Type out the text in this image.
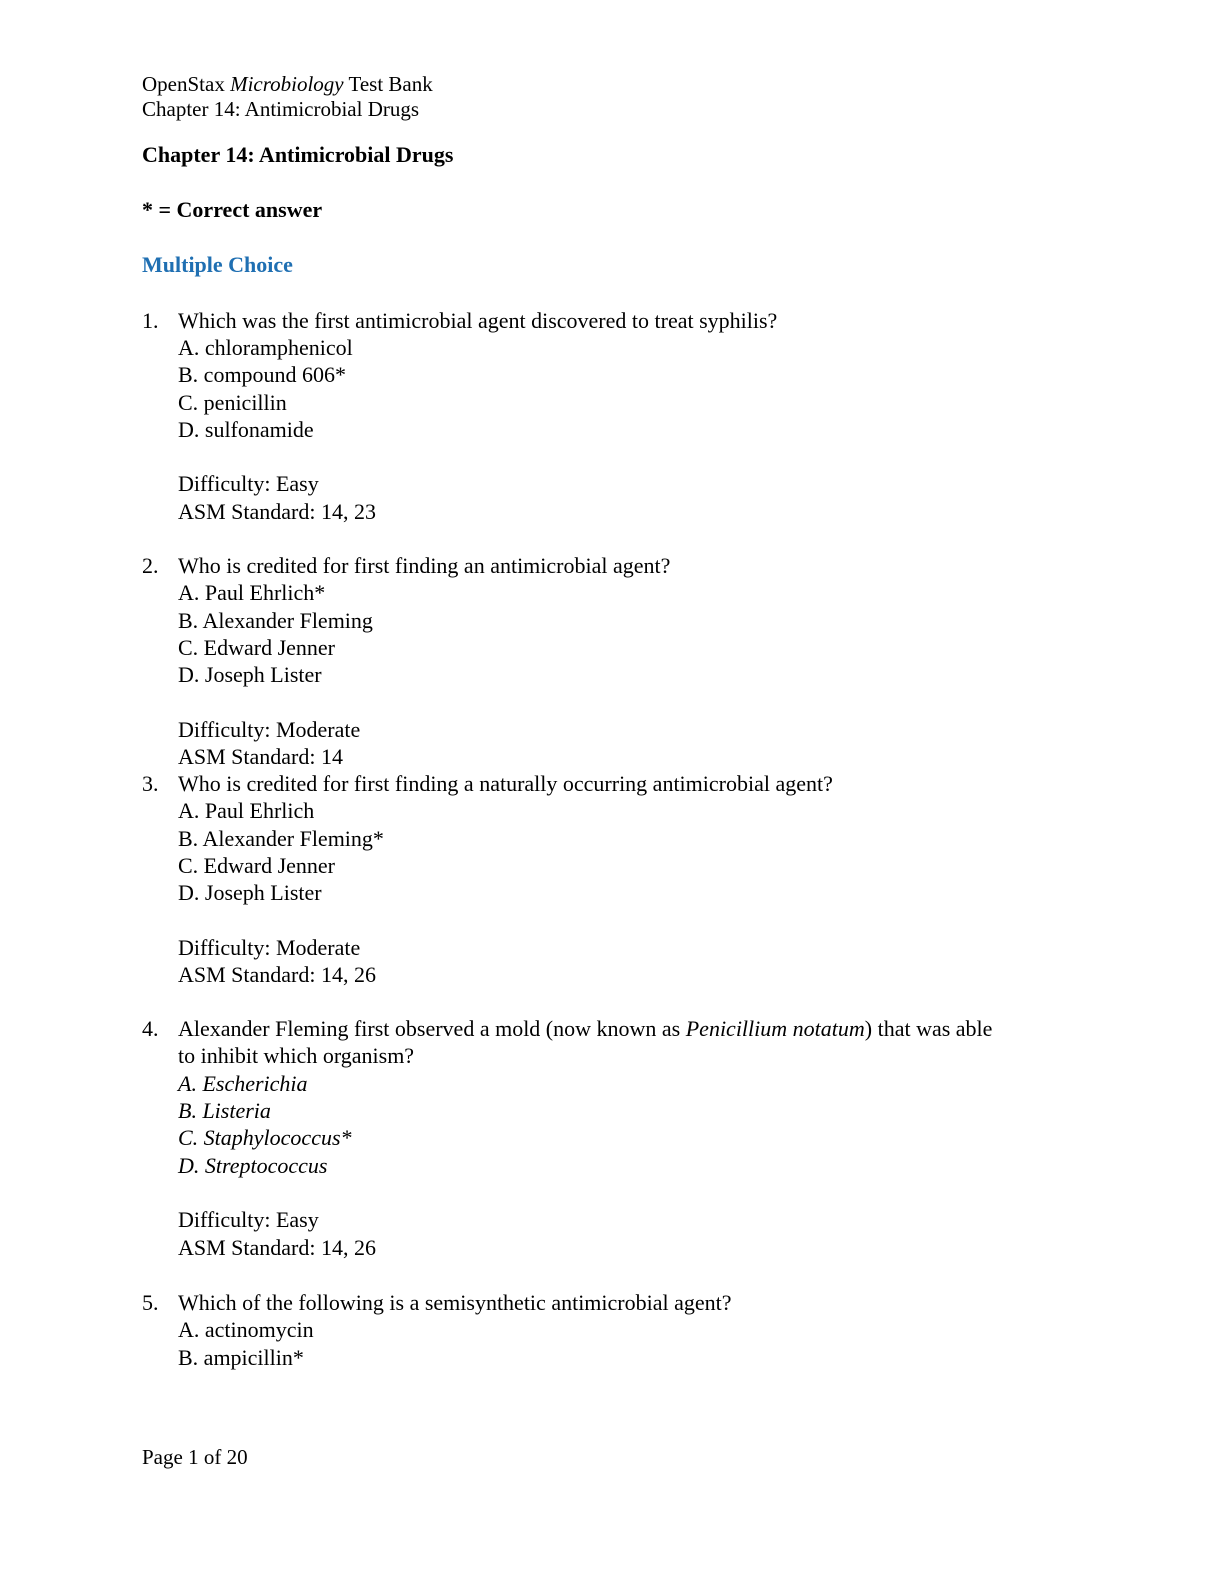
OpenStax Microbiology Test Bank
Chapter 14: Antimicrobial Drugs
Chapter 14: Antimicrobial Drugs
* = Correct answer
Multiple Choice
1. Which was the first antimicrobial agent discovered to treat syphilis?
A. chloramphenicol
B. compound 606*
C. penicillin
D. sulfonamide
Difficulty: Easy
ASM Standard: 14, 23
2. Who is credited for first finding an antimicrobial agent?
A. Paul Ehrlich*
B. Alexander Fleming
C. Edward Jenner
D. Joseph Lister
Difficulty: Moderate
ASM Standard: 14
3. Who is credited for first finding a naturally occurring antimicrobial agent?
A. Paul Ehrlich
B. Alexander Fleming*
C. Edward Jenner
D. Joseph Lister
Difficulty: Moderate
ASM Standard: 14, 26
4. Alexander Fleming first observed a mold (now known as Penicillium notatum) that was able
to inhibit which organism?
A. Escherichia
B. Listeria
C. Staphylococcus*
D. Streptococcus
Difficulty: Easy
ASM Standard: 14, 26
5. Which of the following is a semisynthetic antimicrobial agent?
A. actinomycin
B. ampicillin*
Page 1 of 20
